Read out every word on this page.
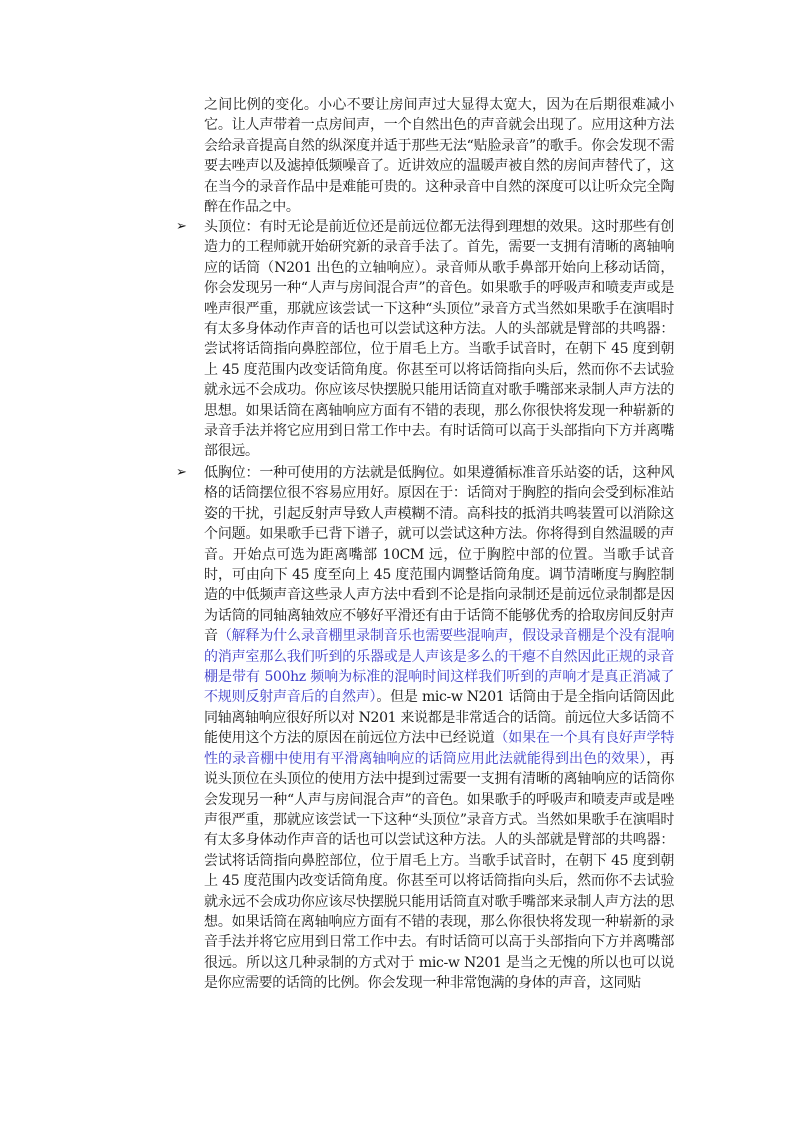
之间比例的变化。小心不要让房间声过大显得太宽大，因为在后期很难减小它。让人声带着一点房间声，一个自然出色的声音就会出现了。应用这种方法会给录音提高自然的纵深度并适于那些无法“贴脸录音”的歌手。你会发现不需要去唑声以及滤掉低频噪音了。近讲效应的温暖声被自然的房间声替代了，这在当今的录音作品中是难能可贵的。这种录音中自然的深度可以让听众完全陶醉在作品之中。
➢ 头顶位：有时无论是前近位还是前远位都无法得到理想的效果。这时那些有创造力的工程师就开始研究新的录音手法了。首先，需要一支拥有清晰的离轴响应的话筒（N201 出色的立轴响应）。录音师从歌手鼻部开始向上移动话筒，你会发现另一种“人声与房间混合声”的音色。如果歌手的呼吸声和喷麦声或是唑声很严重，那就应该尝试一下这种“头顶位”录音方式当然如果歌手在演唱时有太多身体动作声音的话也可以尝试这种方法。人的头部就是臂部的共鸣器：尝试将话筒指向鼻腔部位，位于眉毛上方。当歌手试音时，在朝下 45 度到朝上 45 度范围内改变话筒角度。你甚至可以将话筒指向头后，然而你不去试验就永远不会成功。你应该尽快摆脱只能用话筒直对歌手嘴部来录制人声方法的思想。如果话筒在离轴响应方面有不错的表现，那么你很快将发现一种崭新的录音手法并将它应用到日常工作中去。有时话筒可以高于头部指向下方并离嘴部很远。
➢ 低胸位：一种可使用的方法就是低胸位。如果遵循标准音乐站姿的话，这种风格的话筒摆位很不容易应用好。原因在于：话筒对于胸腔的指向会受到标准站姿的干扰，引起反射声导致人声模糊不清。高科技的抵消共鸣装置可以消除这个问题。如果歌手已背下谱子，就可以尝试这种方法。你将得到自然温暖的声音。开始点可选为距离嘴部 10CM 远，位于胸腔中部的位置。当歌手试音时，可由向下 45 度至向上 45 度范围内调整话筒角度。调节清晰度与胸腔制造的中低频声音这些录人声方法中看到不论是指向录制还是前远位录制都是因为话筒的同轴离轴效应不够好平滑还有由于话筒不能够优秀的拾取房间反射声音（解释为什么录音棚里录制音乐也需要些混响声，假设录音棚是个没有混响的消声室那么我们听到的乐器或是人声该是多么的干瘪不自然因此正规的录音棚是带有 500hz 频响为标准的混响时间这样我们听到的声响才是真正消减了不规则反射声音后的自然声）。但是 mic-w N201 话筒由于是全指向话筒因此同轴离轴响应很好所以对 N201 来说都是非常适合的话筒。前远位大多话筒不能使用这个方法的原因在前远位方法中已经说道（如果在一个具有良好声学特性的录音棚中使用有平滑离轴响应的话筒应用此法就能得到出色的效果），再说头顶位在头顶位的使用方法中提到过需要一支拥有清晰的离轴响应的话筒你会发现另一种“人声与房间混合声”的音色。如果歌手的呼吸声和喷麦声或是唑声很严重，那就应该尝试一下这种“头顶位”录音方式。当然如果歌手在演唱时有太多身体动作声音的话也可以尝试这种方法。人的头部就是臂部的共鸣器：尝试将话筒指向鼻腔部位，位于眉毛上方。当歌手试音时，在朝下 45 度到朝上 45 度范围内改变话筒角度。你甚至可以将话筒指向头后，然而你不去试验就永远不会成功你应该尽快摆脱只能用话筒直对歌手嘴部来录制人声方法的思想。如果话筒在离轴响应方面有不错的表现，那么你很快将发现一种崭新的录音手法并将它应用到日常工作中去。有时话筒可以高于头部指向下方并离嘴部很远。所以这几种录制的方式对于 mic-w N201 是当之无愧的所以也可以说是你应需要的话筒的比例。你会发现一种非常饱满的身体的声音，这同贴
